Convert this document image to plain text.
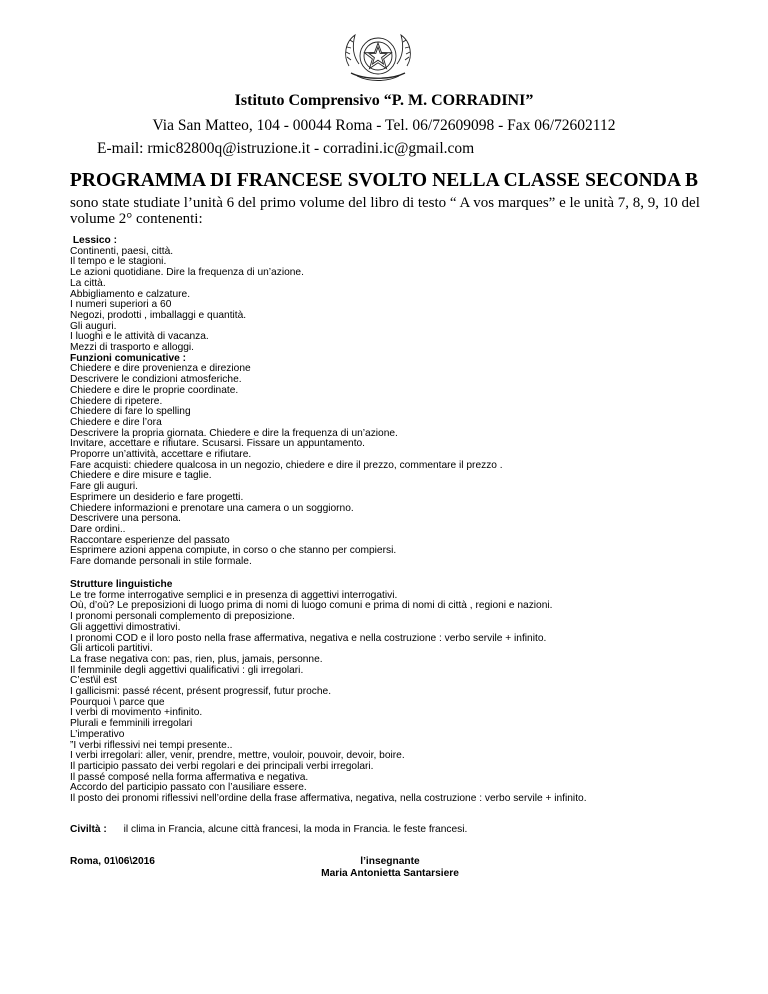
Istituto Comprensivo “P. M. CORRADINI”
Via San Matteo, 104 - 00044 Roma - Tel. 06/72609098 - Fax 06/72602112
E-mail: rmic82800q@istruzione.it - corradini.ic@gmail.com
PROGRAMMA DI FRANCESE SVOLTO NELLA CLASSE SECONDA B
sono state studiate l’unità 6 del primo volume del libro di testo “ A vos marques” e le unità 7, 8, 9, 10 del
volume 2° contenenti:
Lessico :
Continenti, paesi, città.
Il tempo e le stagioni.
Le azioni quotidiane. Dire la frequenza di un’azione.
La città.
Abbigliamento e calzature.
I numeri superiori a 60
Negozi, prodotti , imballaggi e quantità.
Gli auguri.
I luoghi e le attività di vacanza.
Mezzi di trasporto e alloggi.
Funzioni comunicative :
Chiedere e dire provenienza e direzione
Descrivere le condizioni atmosferiche.
Chiedere e dire le proprie coordinate.
Chiedere di ripetere.
Chiedere di fare lo spelling
Chiedere e dire l’ora
Descrivere la propria giornata. Chiedere e dire la frequenza di un’azione.
Invitare, accettare e rifiutare. Scusarsi. Fissare un appuntamento.
Proporre un’attività, accettare e rifiutare.
Fare acquisti: chiedere qualcosa in un negozio, chiedere e dire il prezzo, commentare il prezzo .
Chiedere e dire misure e taglie.
Fare gli auguri.
Esprimere un desiderio e fare progetti.
Chiedere informazioni e prenotare una camera o un soggiorno.
Descrivere una persona.
Dare ordini..
Raccontare esperienze del passato
Esprimere azioni appena compiute, in corso o che stanno per compiersi.
Fare domande personali in stile formale.
Strutture linguistiche
Le tre forme interrogative semplici e in presenza di aggettivi interrogativi.
Où, d’où? Le preposizioni di luogo prima di nomi di luogo comuni e prima di nomi di città , regioni e nazioni.
I pronomi personali complemento di preposizione.
Gli aggettivi dimostrativi.
I pronomi COD e il loro posto nella frase affermativa, negativa e nella costruzione : verbo servile + infinito.
Gli articoli partitivi.
La frase negativa con: pas, rien, plus, jamais, personne.
Il femminile degli aggettivi qualificativi : gli irregolari.
C’est\il est
I gallicismi: passé récent, présent progressif, futur proche.
Pourquoi \ parce que
I verbi di movimento +infinito.
Plurali e femminili irregolari
L’imperativo
”I verbi riflessivi nei tempi presente..
I verbi irregolari: aller, venir, prendre, mettre, vouloir, pouvoir, devoir, boire.
Il participio passato dei verbi regolari e dei principali verbi irregolari.
Il passé composé nella forma affermativa e negativa.
Accordo del participio passato con l’ausiliare essere.
Il posto dei pronomi riflessivi nell’ordine della frase affermativa, negativa, nella costruzione : verbo servile + infinito.
Civiltà : il clima in Francia, alcune città francesi, la moda in Francia. le feste francesi.
Roma, 01\06\2016	l’insegnante
Maria Antonietta Santarsiere
